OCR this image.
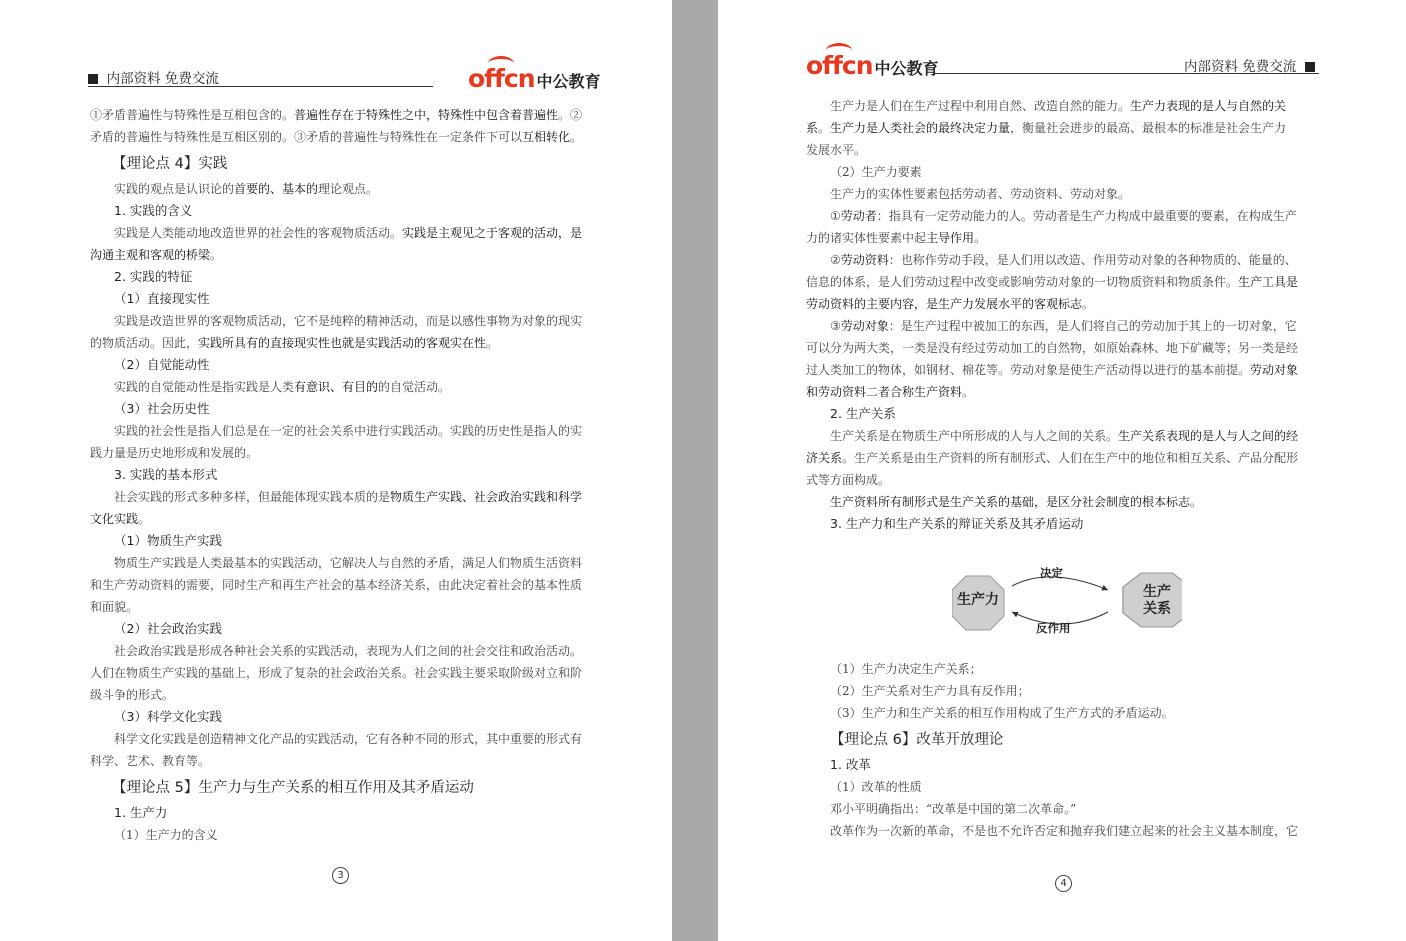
内部资料 免费交流	offcn 中公教育
①矛盾普遍性与特殊性是互相包含的。普遍性存在于特殊性之中，特殊性中包含着普遍性。②
矛盾的普遍性与特殊性是互相区别的。③矛盾的普遍性与特殊性在一定条件下可以互相转化。
【理论点 4】实践
实践的观点是认识论的首要的、基本的理论观点。
1. 实践的含义
实践是人类能动地改造世界的社会性的客观物质活动。实践是主观见之于客观的活动，是
沟通主观和客观的桥梁。
2. 实践的特征
（1）直接现实性
实践是改造世界的客观物质活动，它不是纯粹的精神活动，而是以感性事物为对象的现实
的物质活动。因此，实践所具有的直接现实性也就是实践活动的客观实在性。
（2）自觉能动性
实践的自觉能动性是指实践是人类有意识、有目的的自觉活动。
（3）社会历史性
实践的社会性是指人们总是在一定的社会关系中进行实践活动。实践的历史性是指人的实
践力量是历史地形成和发展的。
3. 实践的基本形式
社会实践的形式多种多样，但最能体现实践本质的是物质生产实践、社会政治实践和科学
文化实践。
（1）物质生产实践
物质生产实践是人类最基本的实践活动，它解决人与自然的矛盾，满足人们物质生活资料
和生产劳动资料的需要，同时生产和再生产社会的基本经济关系，由此决定着社会的基本性质
和面貌。
（2）社会政治实践
社会政治实践是形成各种社会关系的实践活动，表现为人们之间的社会交往和政治活动。
人们在物质生产实践的基础上，形成了复杂的社会政治关系。社会实践主要采取阶级对立和阶
级斗争的形式。
（3）科学文化实践
科学文化实践是创造精神文化产品的实践活动，它有各种不同的形式，其中重要的形式有
科学、艺术、教育等。
【理论点 5】生产力与生产关系的相互作用及其矛盾运动
1. 生产力
（1）生产力的含义
3
offcn 中公教育	内部资料 免费交流
生产力是人们在生产过程中利用自然、改造自然的能力。生产力表现的是人与自然的关
系。生产力是人类社会的最终决定力量，衡量社会进步的最高、最根本的标准是社会生产力
发展水平。
（2）生产力要素
生产力的实体性要素包括劳动者、劳动资料、劳动对象。
①劳动者：指具有一定劳动能力的人。劳动者是生产力构成中最重要的要素，在构成生产
力的诸实体性要素中起主导作用。
②劳动资料：也称作劳动手段，是人们用以改造、作用劳动对象的各种物质的、能量的、
信息的体系，是人们劳动过程中改变或影响劳动对象的一切物质资料和物质条件。生产工具是
劳动资料的主要内容，是生产力发展水平的客观标志。
③劳动对象：是生产过程中被加工的东西，是人们将自己的劳动加于其上的一切对象，它
可以分为两大类，一类是没有经过劳动加工的自然物，如原始森林、地下矿藏等；另一类是经
过人类加工的物体，如钢材、棉花等。劳动对象是使生产活动得以进行的基本前提。劳动对象
和劳动资料二者合称生产资料。
2. 生产关系
生产关系是在物质生产中所形成的人与人之间的关系。生产关系表现的是人与人之间的经
济关系。生产关系是由生产资料的所有制形式、人们在生产中的地位和相互关系、产品分配形
式等方面构成。
生产资料所有制形式是生产关系的基础，是区分社会制度的根本标志。
3. 生产力和生产关系的辩证关系及其矛盾运动
生产力	生产
关系
决定
反作用
（1）生产力决定生产关系；
（2）生产关系对生产力具有反作用；
（3）生产力和生产关系的相互作用构成了生产方式的矛盾运动。
【理论点 6】改革开放理论
1. 改革
（1）改革的性质
邓小平明确指出：“改革是中国的第二次革命。”
改革作为一次新的革命，不是也不允许否定和抛弃我们建立起来的社会主义基本制度，它
4
